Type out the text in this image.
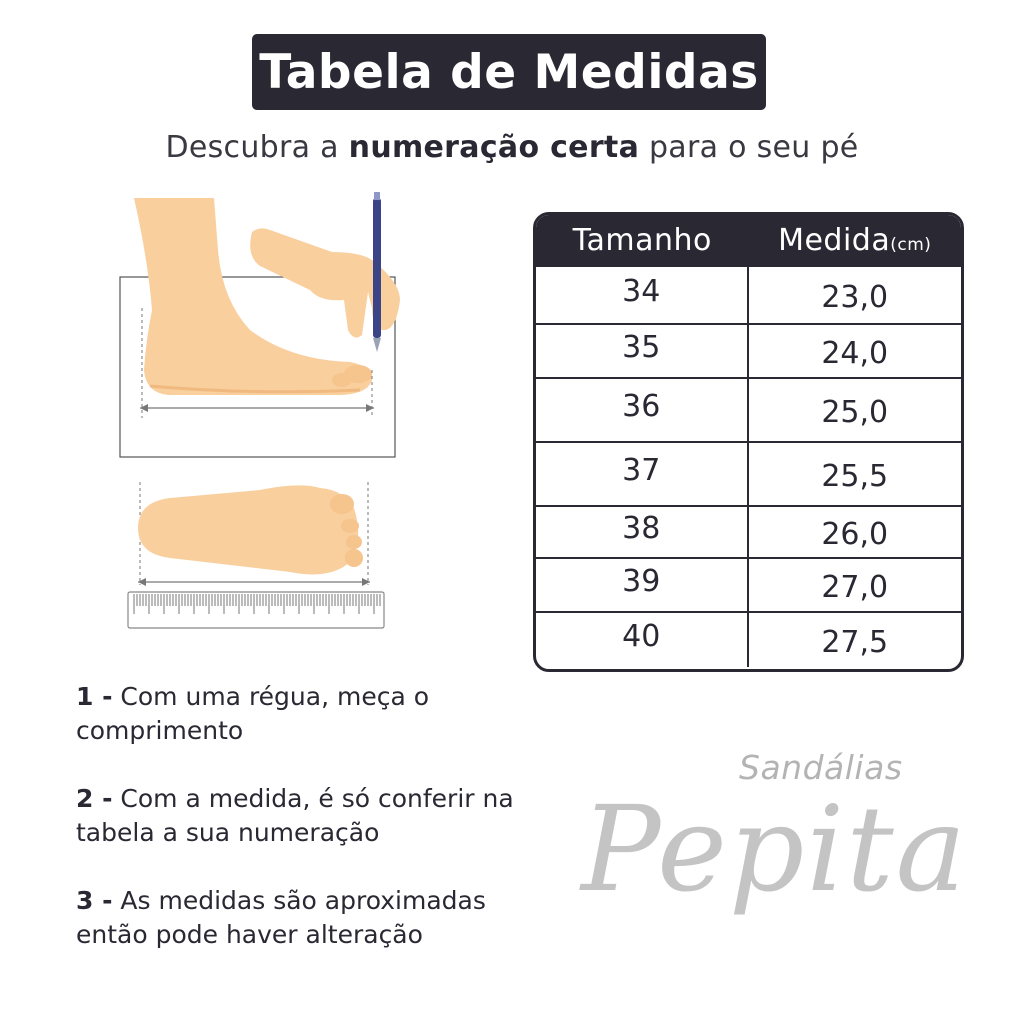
Tabela de Medidas
Descubra a numeração certa para o seu pé
Tamanho	Medida(cm)
34	23,0
35	24,0
36	25,0
37	25,5
38	26,0
39	27,0
40	27,5
1 - Com uma régua, meça o comprimento
2 - Com a medida, é só conferir na tabela a sua numeração
3 - As medidas são aproximadas então pode haver alteração
Sandálias
Pepita
